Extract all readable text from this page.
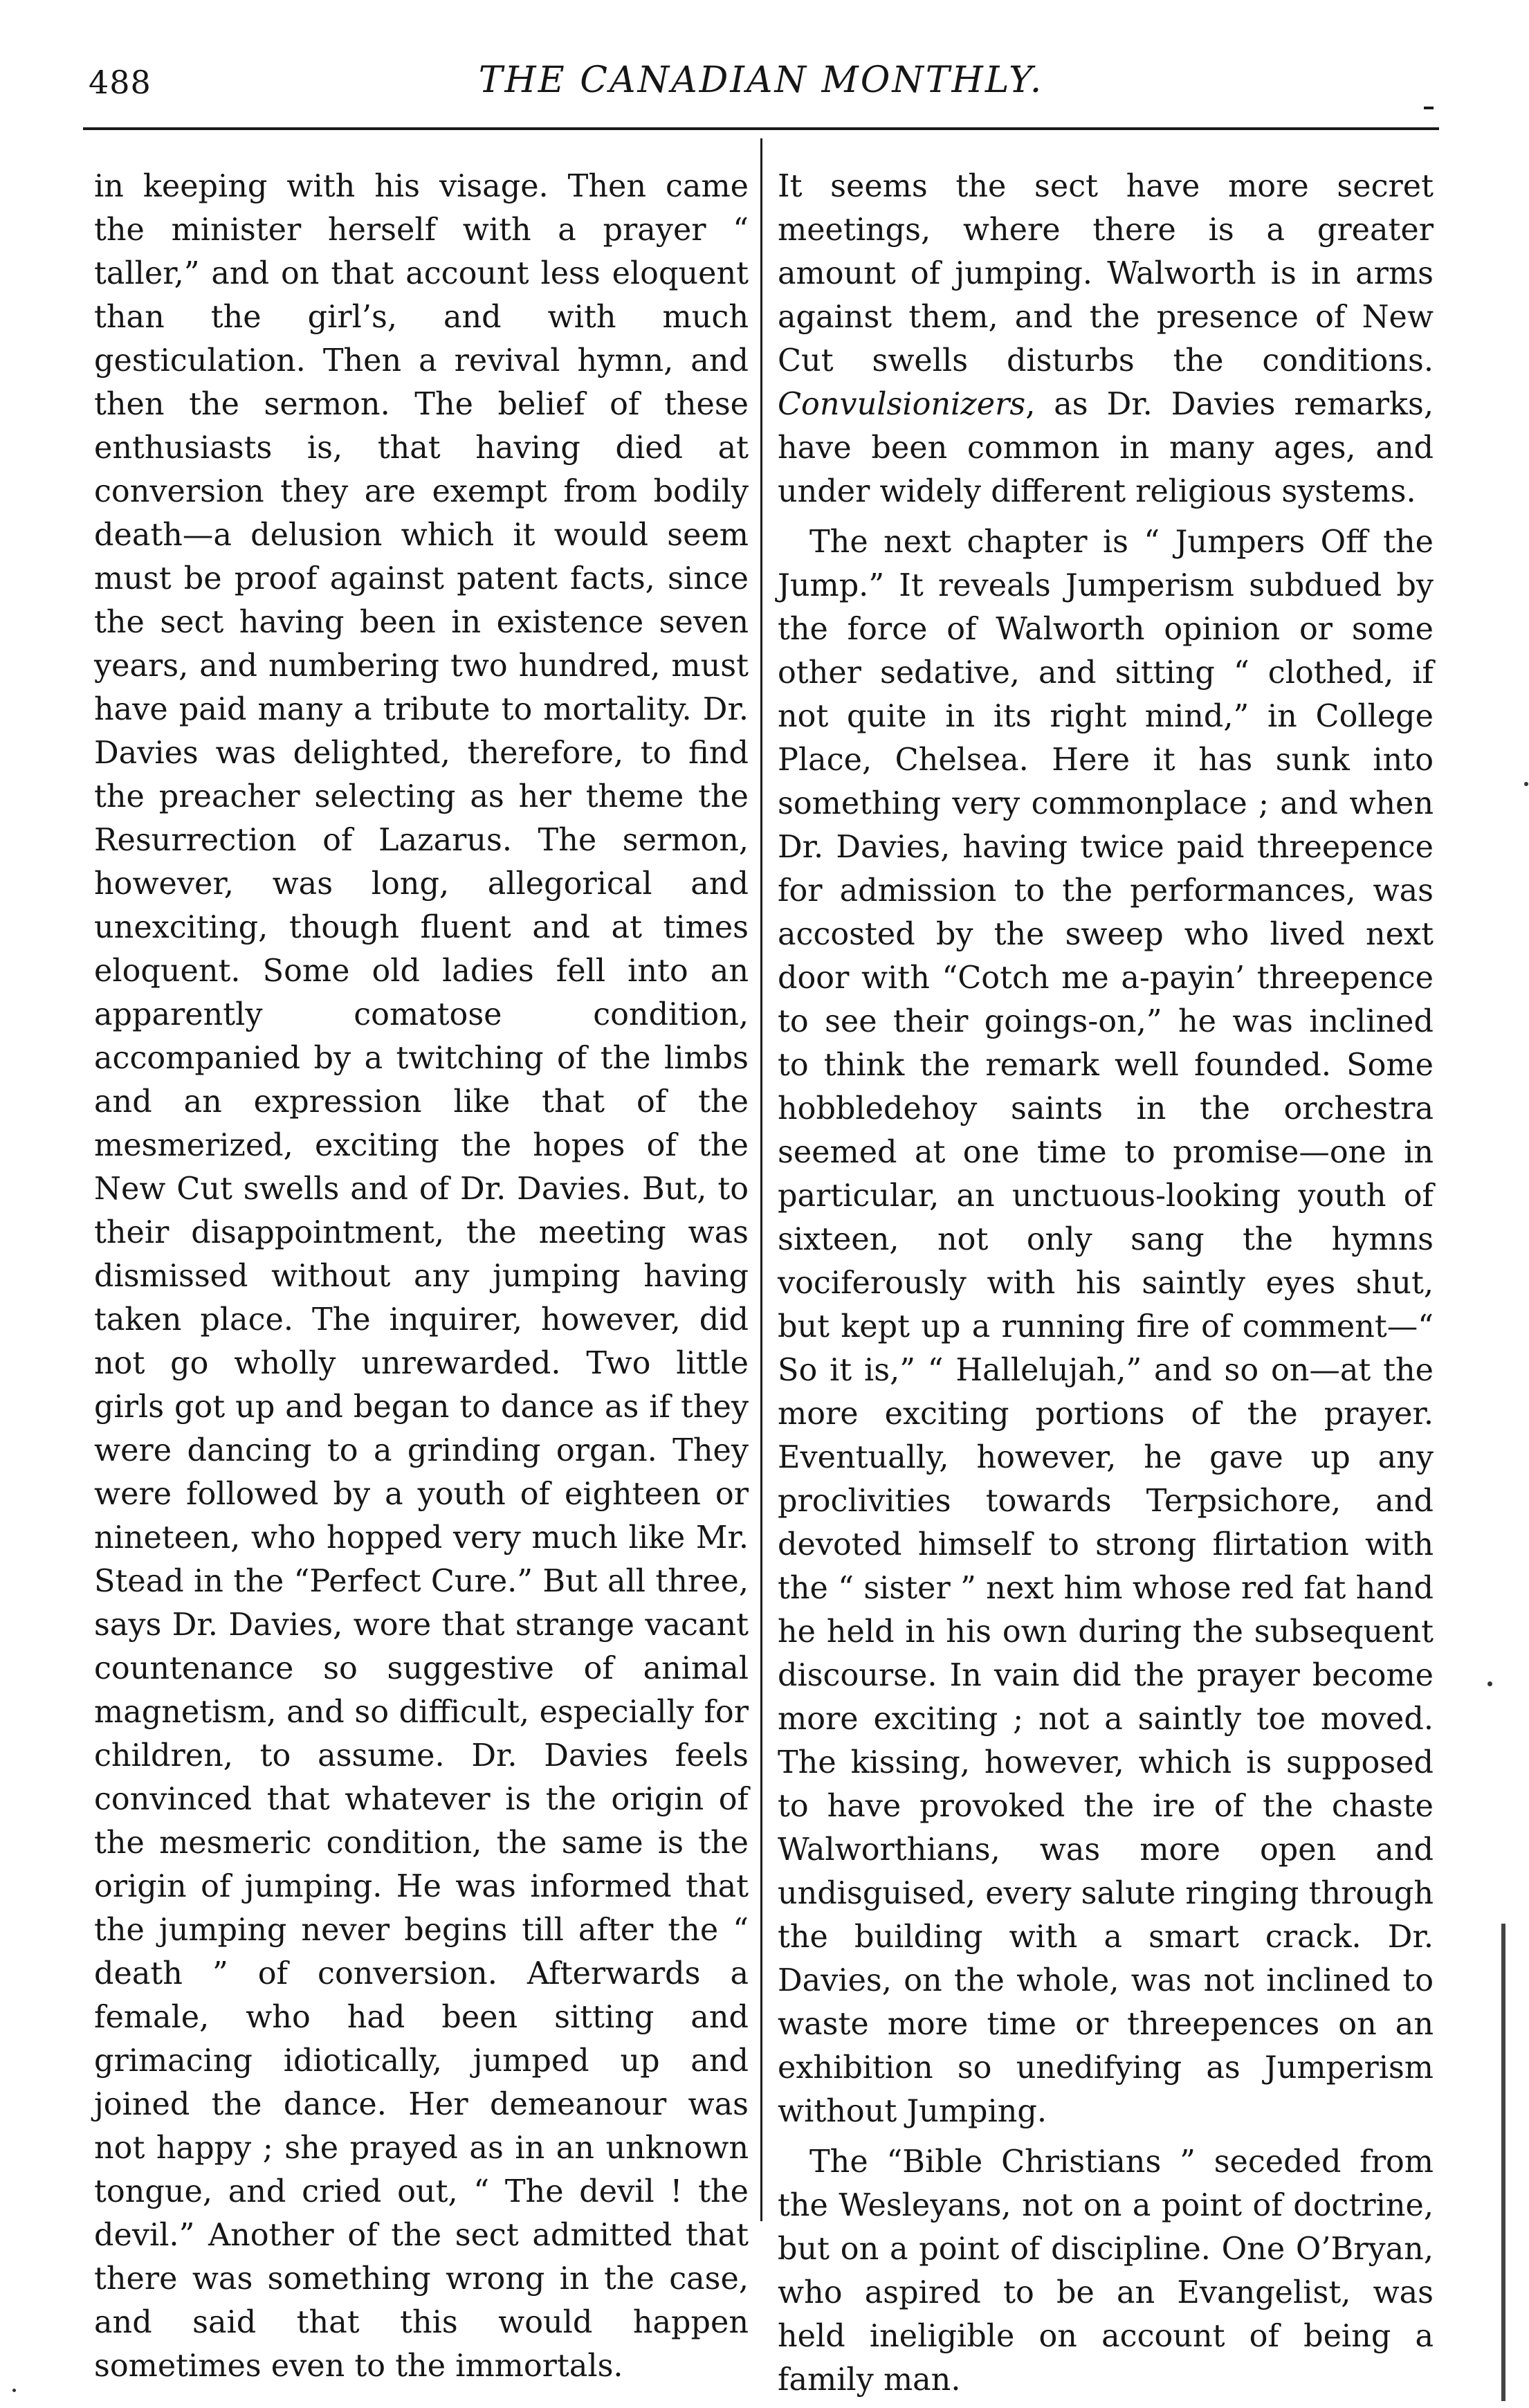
488	THE CANADIAN MONTHLY.

in keeping with his visage. Then came the minister herself with a prayer “ taller,” and on that account less eloquent than the girl’s, and with much gesticulation. Then a revival hymn, and then the sermon. The belief of these enthusiasts is, that having died at conversion they are exempt from bodily death—a delusion which it would seem must be proof against patent facts, since the sect having been in existence seven years, and numbering two hundred, must have paid many a tribute to mortality. Dr. Davies was delighted, therefore, to find the preacher selecting as her theme the Resurrection of Lazarus. The sermon, however, was long, allegorical and unexciting, though fluent and at times eloquent. Some old ladies fell into an apparently comatose condition, accompanied by a twitching of the limbs and an expression like that of the mesmerized, exciting the hopes of the New Cut swells and of Dr. Davies. But, to their disappointment, the meeting was dismissed without any jumping having taken place. The inquirer, however, did not go wholly unrewarded. Two little girls got up and began to dance as if they were dancing to a grinding organ. They were followed by a youth of eighteen or nineteen, who hopped very much like Mr. Stead in the “Perfect Cure.” But all three, says Dr. Davies, wore that strange vacant countenance so suggestive of animal magnetism, and so difficult, especially for children, to assume. Dr. Davies feels convinced that whatever is the origin of the mesmeric condition, the same is the origin of jumping. He was informed that the jumping never begins till after the “ death ” of conversion. Afterwards a female, who had been sitting and grimacing idiotically, jumped up and joined the dance. Her demeanour was not happy ; she prayed as in an unknown tongue, and cried out, “ The devil ! the devil.” Another of the sect admitted that there was something wrong in the case, and said that this would happen sometimes even to the immortals.

It seems the sect have more secret meetings, where there is a greater amount of jumping. Walworth is in arms against them, and the presence of New Cut swells disturbs the conditions. Convulsionizers, as Dr. Davies remarks, have been common in many ages, and under widely different religious systems.

The next chapter is “ Jumpers Off the Jump.” It reveals Jumperism subdued by the force of Walworth opinion or some other sedative, and sitting “ clothed, if not quite in its right mind,” in College Place, Chelsea. Here it has sunk into something very commonplace ; and when Dr. Davies, having twice paid threepence for admission to the performances, was accosted by the sweep who lived next door with “Cotch me a-payin’ threepence to see their goings-on,” he was inclined to think the remark well founded. Some hobbledehoy saints in the orchestra seemed at one time to promise—one in particular, an unctuous-looking youth of sixteen, not only sang the hymns vociferously with his saintly eyes shut, but kept up a running fire of comment—“ So it is,” “ Hallelujah,” and so on—at the more exciting portions of the prayer. Eventually, however, he gave up any proclivities towards Terpsichore, and devoted himself to strong flirtation with the “ sister ” next him whose red fat hand he held in his own during the subsequent discourse. In vain did the prayer become more exciting ; not a saintly toe moved. The kissing, however, which is supposed to have provoked the ire of the chaste Walworthians, was more open and undisguised, every salute ringing through the building with a smart crack. Dr. Davies, on the whole, was not inclined to waste more time or threepences on an exhibition so unedifying as Jumperism without Jumping.

The “Bible Christians ” seceded from the Wesleyans, not on a point of doctrine, but on a point of discipline. One O’Bryan, who aspired to be an Evangelist, was held ineligible on account of being a family man.
